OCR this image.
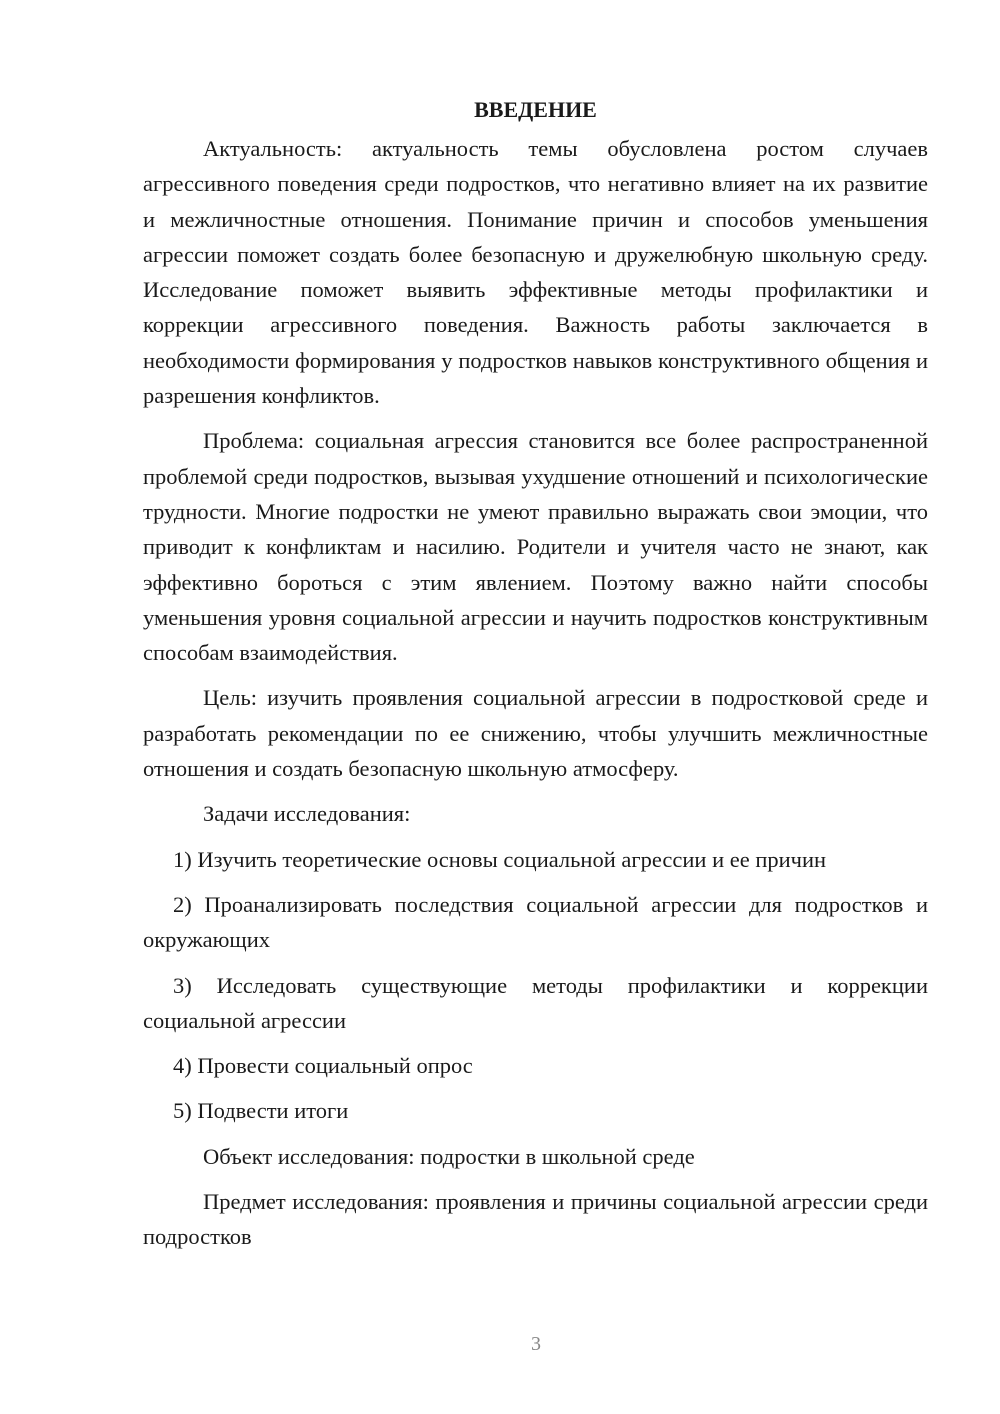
ВВЕДЕНИЕ

Актуальность: актуальность темы обусловлена ростом случаев агрессивного поведения среди подростков, что негативно влияет на их развитие и межличностные отношения. Понимание причин и способов уменьшения агрессии поможет создать более безопасную и дружелюбную школьную среду. Исследование поможет выявить эффективные методы профилактики и коррекции агрессивного поведения. Важность работы заключается в необходимости формирования у подростков навыков конструктивного общения и разрешения конфликтов.

Проблема: социальная агрессия становится все более распространенной проблемой среди подростков, вызывая ухудшение отношений и психологические трудности. Многие подростки не умеют правильно выражать свои эмоции, что приводит к конфликтам и насилию. Родители и учителя часто не знают, как эффективно бороться с этим явлением. Поэтому важно найти способы уменьшения уровня социальной агрессии и научить подростков конструктивным способам взаимодействия.

Цель: изучить проявления социальной агрессии в подростковой среде и разработать рекомендации по ее снижению, чтобы улучшить межличностные отношения и создать безопасную школьную атмосферу.

Задачи исследования:

1) Изучить теоретические основы социальной агрессии и ее причин

2) Проанализировать последствия социальной агрессии для подростков и окружающих

3) Исследовать существующие методы профилактики и коррекции социальной агрессии

4) Провести социальный опрос

5) Подвести итоги

Объект исследования: подростки в школьной среде

Предмет исследования: проявления и причины социальной агрессии среди подростков

3
